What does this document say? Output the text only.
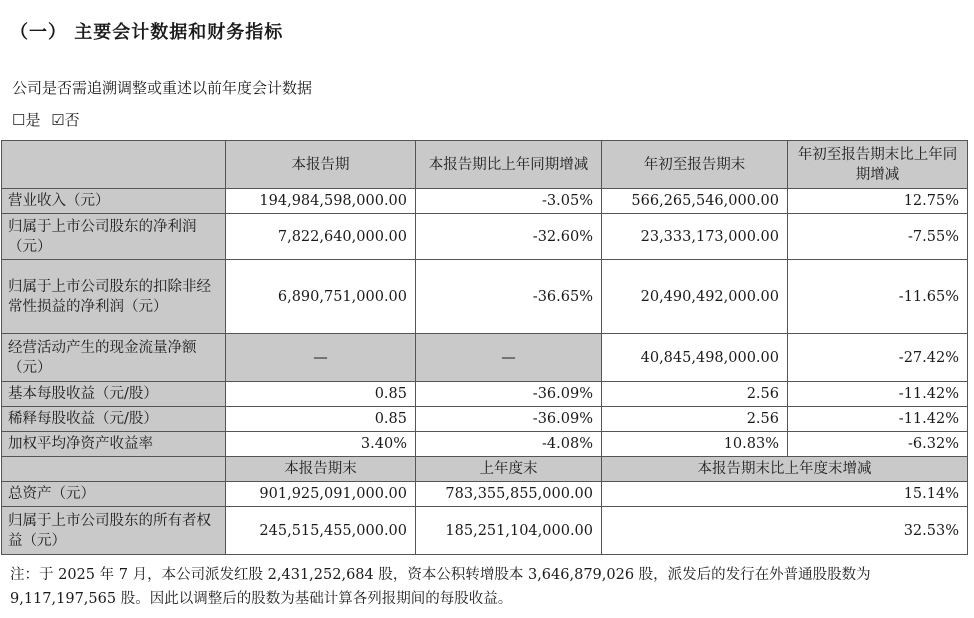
（一） 主要会计数据和财务指标
公司是否需追溯调整或重述以前年度会计数据
☐是 ☑否
	本报告期	本报告期比上年同期增减	年初至报告期末	年初至报告期末比上年同期增减
营业收入（元）	194,984,598,000.00	-3.05%	566,265,546,000.00	12.75%
归属于上市公司股东的净利润（元）	7,822,640,000.00	-32.60%	23,333,173,000.00	-7.55%
归属于上市公司股东的扣除非经常性损益的净利润（元）	6,890,751,000.00	-36.65%	20,490,492,000.00	-11.65%
经营活动产生的现金流量净额（元）	—	—	40,845,498,000.00	-27.42%
基本每股收益（元/股）	0.85	-36.09%	2.56	-11.42%
稀释每股收益（元/股）	0.85	-36.09%	2.56	-11.42%
加权平均净资产收益率	3.40%	-4.08%	10.83%	-6.32%
	本报告期末	上年度末	本报告期末比上年度末增减	
总资产（元）	901,925,091,000.00	783,355,855,000.00	15.14%	
归属于上市公司股东的所有者权益（元）	245,515,455,000.00	185,251,104,000.00	32.53%	
注：于 2025 年 7 月，本公司派发红股 2,431,252,684 股，资本公积转增股本 3,646,879,026 股，派发后的发行在外普通股股数为 9,117,197,565 股。因此以调整后的股数为基础计算各列报期间的每股收益。
